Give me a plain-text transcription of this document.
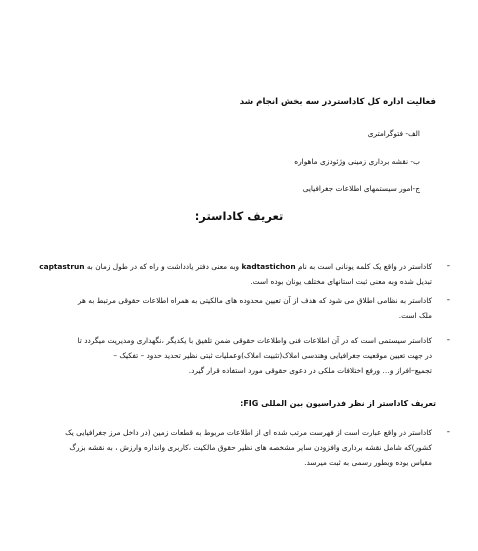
فعالیت اداره کل کاداستردر سه بخش انجام شد
الف- فتوگرامتری
ب- نقشه برداری زمینی وژئودزی ماهواره
ج-امور سیستمهای اطلاعات جغرافیایی
تعریف کاداستر:
-
کاداستر در واقع یک کلمه یونانی است به نام kadtastichon وبه معنی دفتر یادداشت و راه که در طول زمان به captastrun
تبدیل شده وبه معنی ثبت استانهای مختلف یونان بوده است.
-
کاداستر به نظامی اطلاق می شود که هدف از آن تعیین محدوده های مالکیتی به همراه اطلاعات حقوقی مرتبط به هر
ملک است.
-
کاداستر سیستمی است که در آن اطلاعات فنی واطلاعات حقوقی ضمن تلفیق با یکدیگر ،نگهداری ومدیریت میگردد تا
در جهت تعیین موقعیت جغرافیایی وهندسی املاک(تثبیت املاک)وعملیات ثبتی نظیر تحدید حدود – تفکیک –
تجمیع–افراز و… ورفع اختلافات ملکی در دعوی حقوقی مورد استفاده قرار گیرد.
تعریف کاداستر از نظر فدراسیون بین المللی FIG:
-
کاداستر در واقع عبارت است از فهرست مرتب شده ای از اطلاعات مربوط به قطعات زمین (در داخل مرز جغرافیایی یک
کشور)که شامل نقشه برداری وافزودن سایر مشخصه های نظیر حقوق مالکیت ،کاربری وانداره وارزش ، به نقشه بزرگ
مقیاس بوده وبطور رسمی به ثبت میرسد.
